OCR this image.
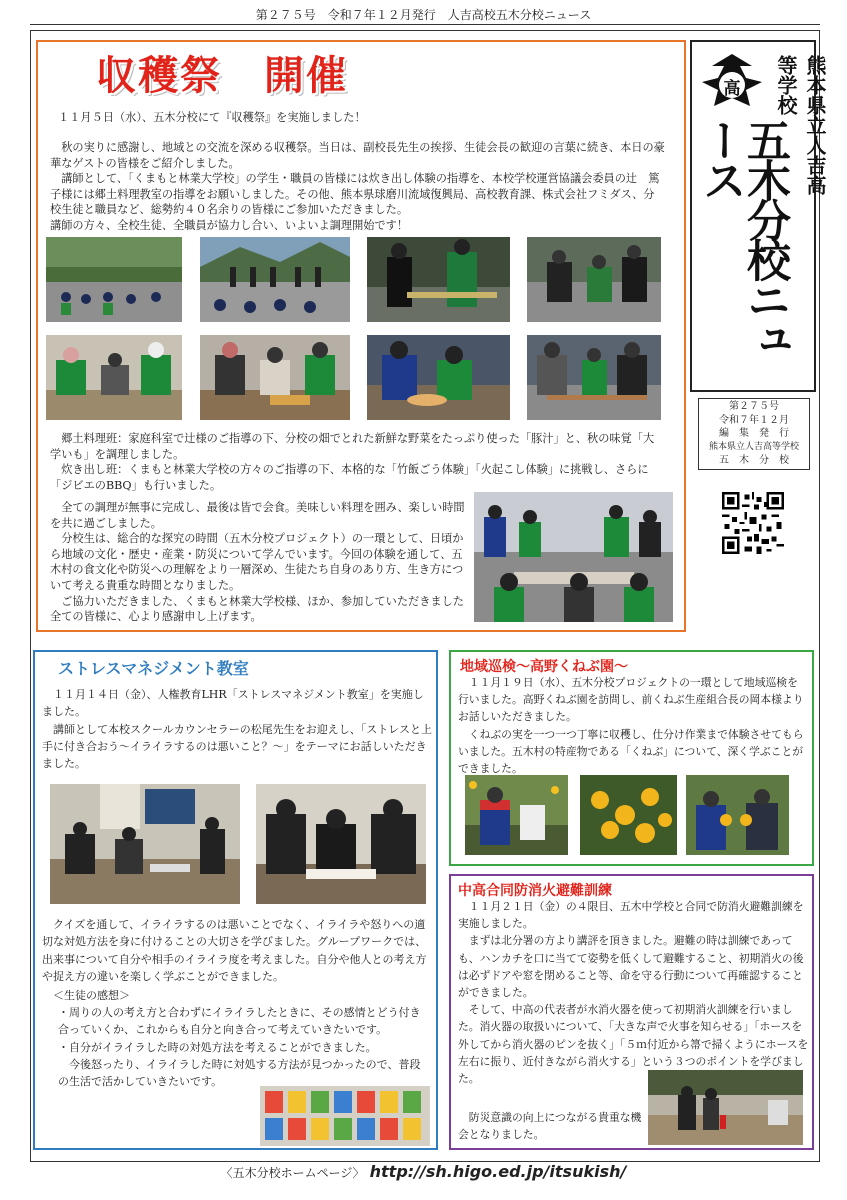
第２７５号　令和７年１２月発行　人吉高校五木分校ニュース
収穫祭　開催
１１月５日（水）、五木分校にて『収穫祭』を実施しました！

　秋の実りに感謝し、地域との交流を深める収穫祭。当日は、副校長先生の挨拶、生徒会長の歓迎の言葉に続き、本日の豪華なゲストの皆様をご紹介しました。

　講師として、「くまもと林業大学校」の学生・職員の皆様には炊き出し体験の指導を、本校学校運営協議会委員の辻　篤子様には郷土料理教室の指導をお願いしました。その他、熊本県球磨川流域復興局、高校教育課、株式会社フミダス、分校生徒と職員など、総勢約４０名余りの皆様にご参加いただきました。

講師の方々、全校生徒、全職員が協力し合い、いよいよ調理開始です！

　郷土料理班：家庭科室で辻様のご指導の下、分校の畑でとれた新鮮な野菜をたっぷり使った「豚汁」と、秋の味覚「大学いも」を調理しました。

　炊き出し班：くまもと林業大学校の方々のご指導の下、本格的な「竹飯ごう体験」「火起こし体験」に挑戦し、さらに「ジビエのBBQ」も行いました。

　全ての調理が無事に完成し、最後は皆で会食。美味しい料理を囲み、楽しい時間を共に過ごしました。
　分校生は、総合的な探究の時間（五木分校プロジェクト）の一環として、日頃から地域の文化・歴史・産業・防災について学んでいます。今回の体験を通して、五木村の食文化や防災への理解をより一層深め、生徒たち自身のあり方、生き方について考える貴重な時間となりました。
　ご協力いただきました、くまもと林業大学校様、ほか、参加していただきました全ての皆様に、心より感謝申し上げます。
高	熊本県立人吉高等学校
五木分校ニュース
第２７５号
令和７年１２月
編　集　発　行
熊本県立人吉高等学校
五　木　分　校
ストレスマネジメント教室
　１１月１４日（金）、人権教育LHR「ストレスマネジメント教室」を実施しました。
　講師として本校スクールカウンセラーの松尾先生をお迎えし、「ストレスと上手に付き合おう～イライラするのは悪いこと？～」をテーマにお話しいただきました。
　クイズを通して、イライラするのは悪いことでなく、イライラや怒りへの適切な対処方法を身に付けることの大切さを学びました。グループワークでは、出来事について自分や相手のイライラ度を考えました。自分や他人との考え方や捉え方の違いを楽しく学ぶことができました。
　＜生徒の感想＞
・周りの人の考え方と合わずにイライラしたときに、その感情とどう付き合っていくか、これからも自分と向き合って考えていきたいです。
・自分がイライラした時の対処方法を考えることができました。
　今後怒ったり、イライラした時に対処する方法が見つかったので、普段の生活で活かしていきたいです。
地域巡検～高野くねぶ園～
　１１月１９日（水）、五木分校プロジェクトの一環として地域巡検を行いました。高野くねぶ園を訪問し、前くねぶ生産組合長の岡本様よりお話しいただきました。
　くねぶの実を一つ一つ丁寧に収穫し、仕分け作業まで体験させてもらいました。五木村の特産物である「くねぶ」について、深く学ぶことができました。
中高合同防消火避難訓練
　１１月２１日（金）の４限目、五木中学校と合同で防消火避難訓練を実施しました。
　まずは北分署の方より講評を頂きました。避難の時は訓練であっても、ハンカチを口に当てて姿勢を低くして避難すること、初期消火の後は必ずドアや窓を閉めること等、命を守る行動について再確認することができました。
　そして、中高の代表者が水消火器を使って初期消火訓練を行いました。消火器の取扱いについて、「大きな声で火事を知らせる」「ホースを外してから消火器のピンを抜く」「５ｍ付近から箒で掃くようにホースを左右に振り、近付きながら消火する」という３つのポイントを学びました。
　防災意識の向上につながる貴重な機会となりました。
〈五木分校ホームページ〉 http://sh.higo.ed.jp/itsukish/
